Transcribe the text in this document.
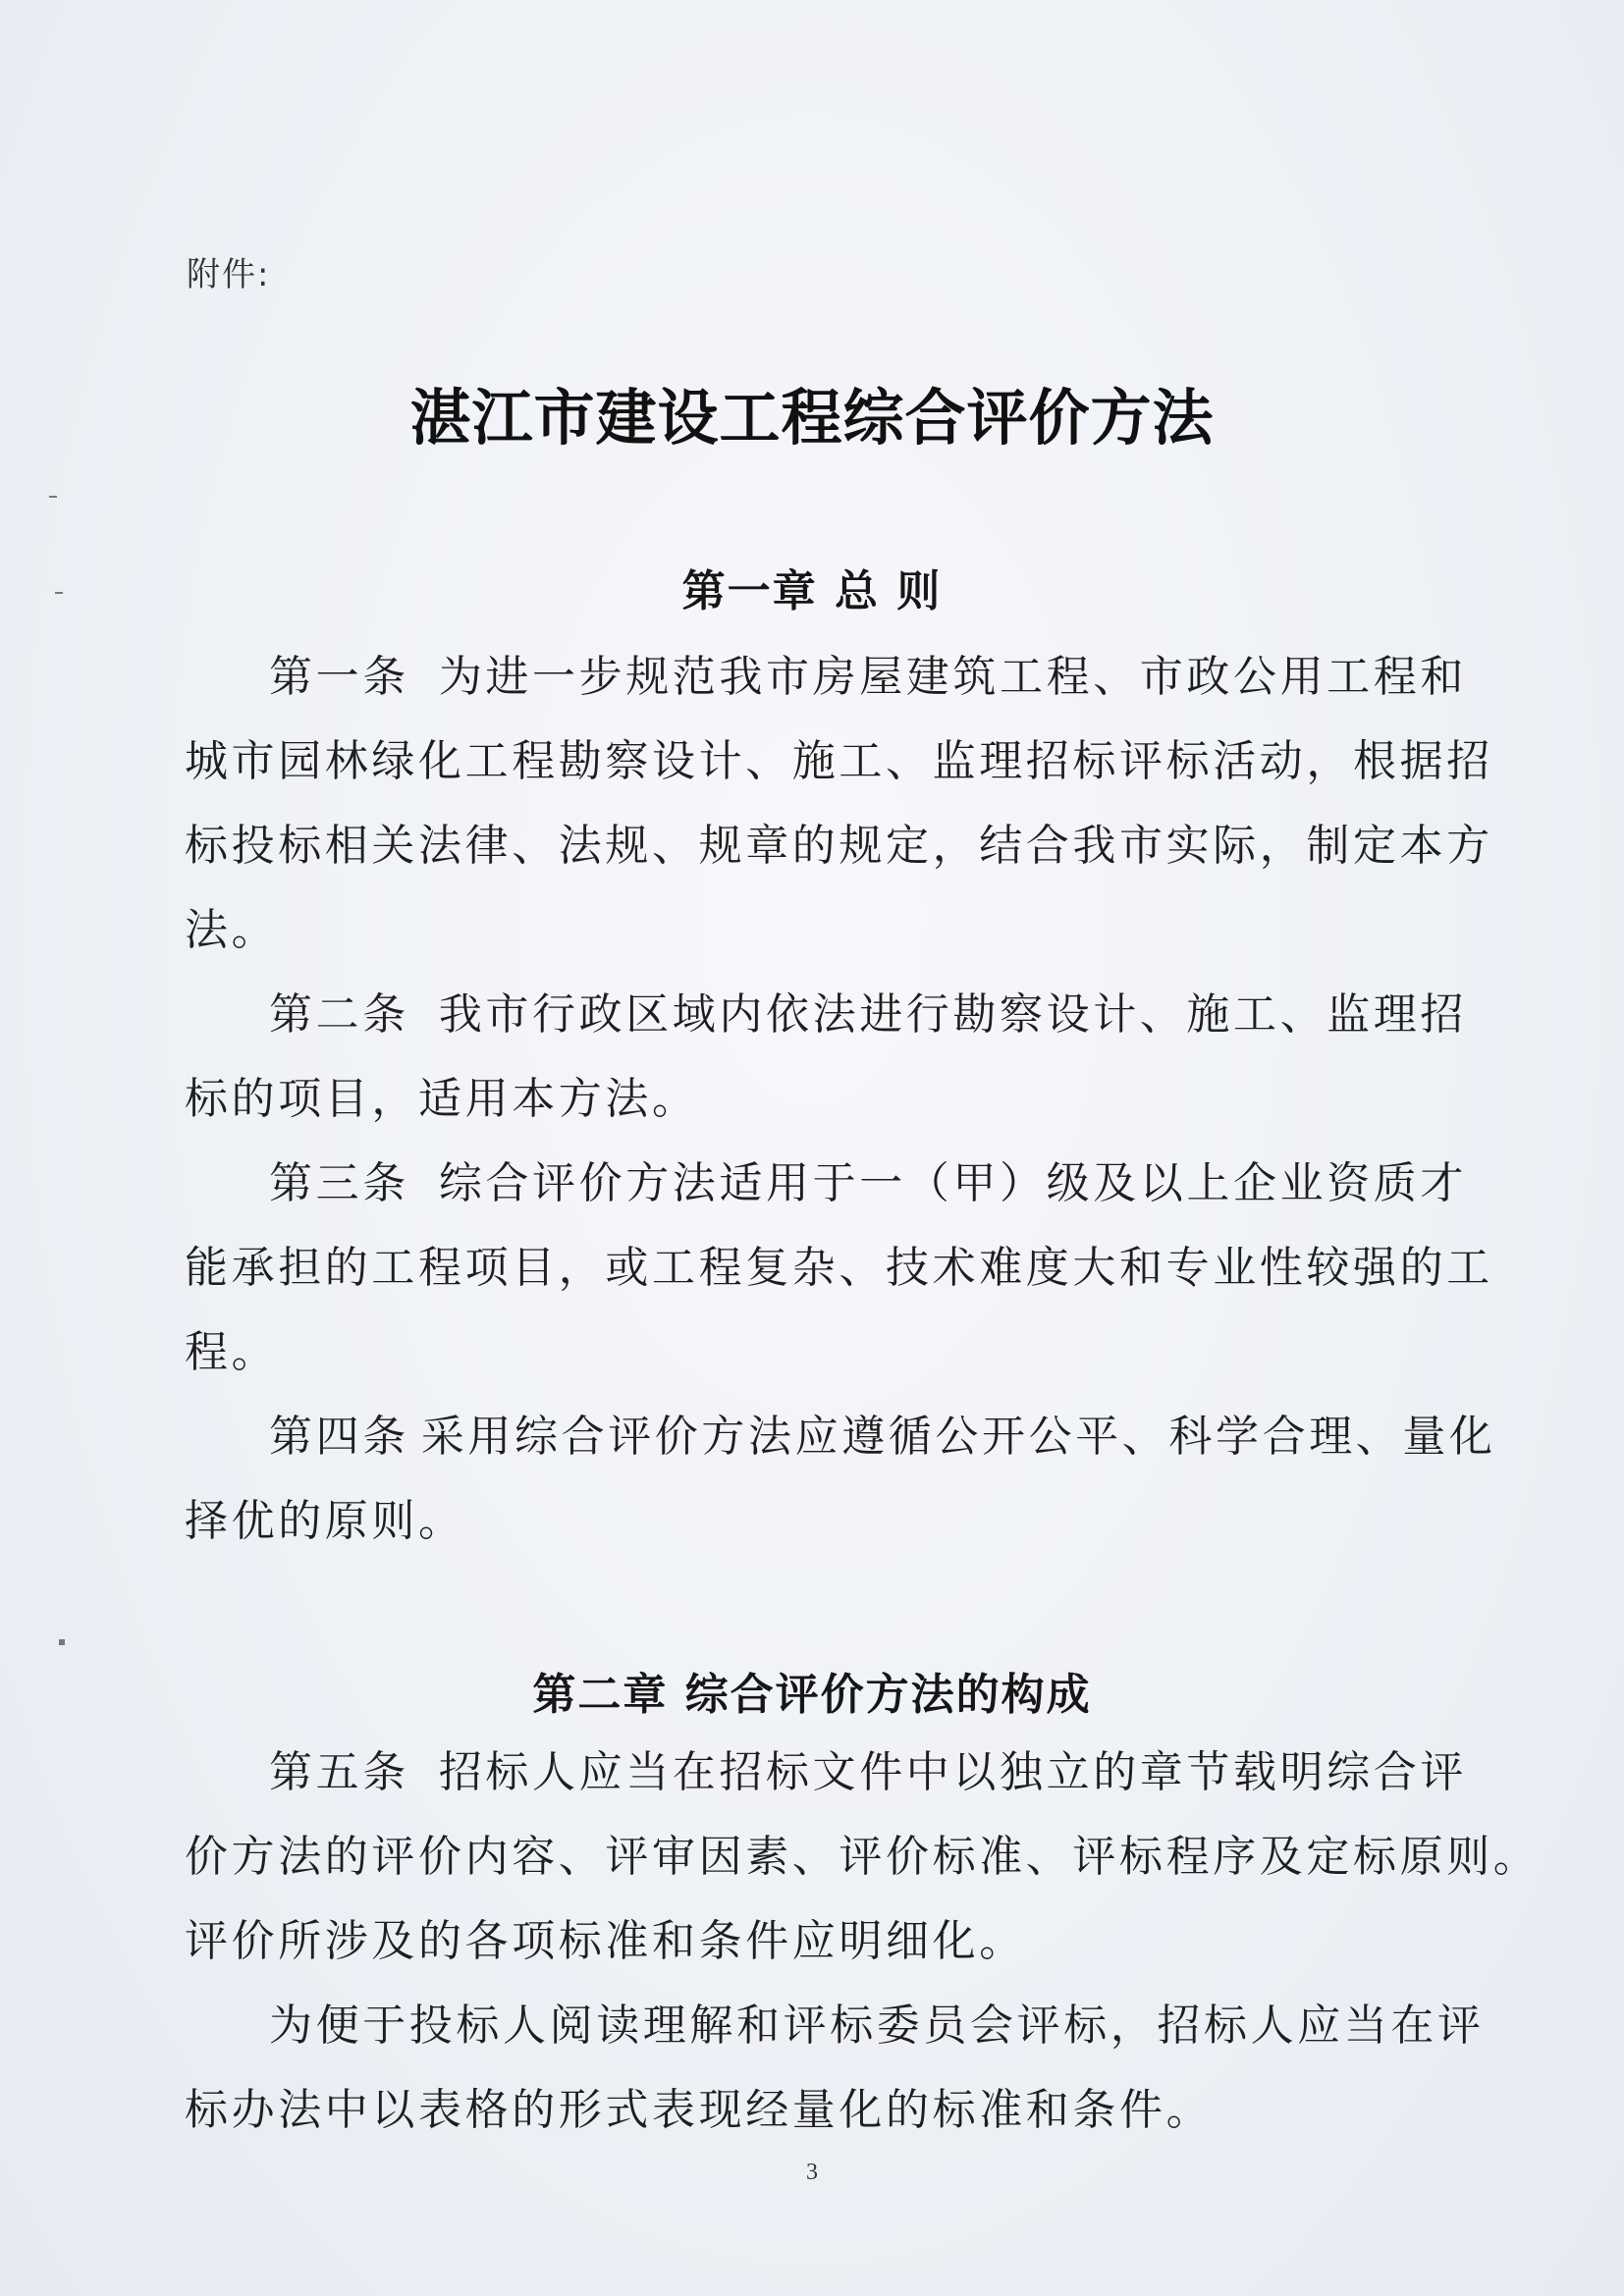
附件:
湛江市建设工程综合评价方法
第一章 总 则
第一条 为进一步规范我市房屋建筑工程、市政公用工程和
城市园林绿化工程勘察设计、施工、监理招标评标活动，根据招
标投标相关法律、法规、规章的规定，结合我市实际，制定本方
法。
第二条 我市行政区域内依法进行勘察设计、施工、监理招
标的项目，适用本方法。
第三条 综合评价方法适用于一（甲）级及以上企业资质才
能承担的工程项目，或工程复杂、技术难度大和专业性较强的工
程。
第四条 采用综合评价方法应遵循公开公平、科学合理、量化
择优的原则。
第二章 综合评价方法的构成
第五条 招标人应当在招标文件中以独立的章节载明综合评
价方法的评价内容、评审因素、评价标准、评标程序及定标原则。
评价所涉及的各项标准和条件应明细化。
为便于投标人阅读理解和评标委员会评标，招标人应当在评
标办法中以表格的形式表现经量化的标准和条件。
3
